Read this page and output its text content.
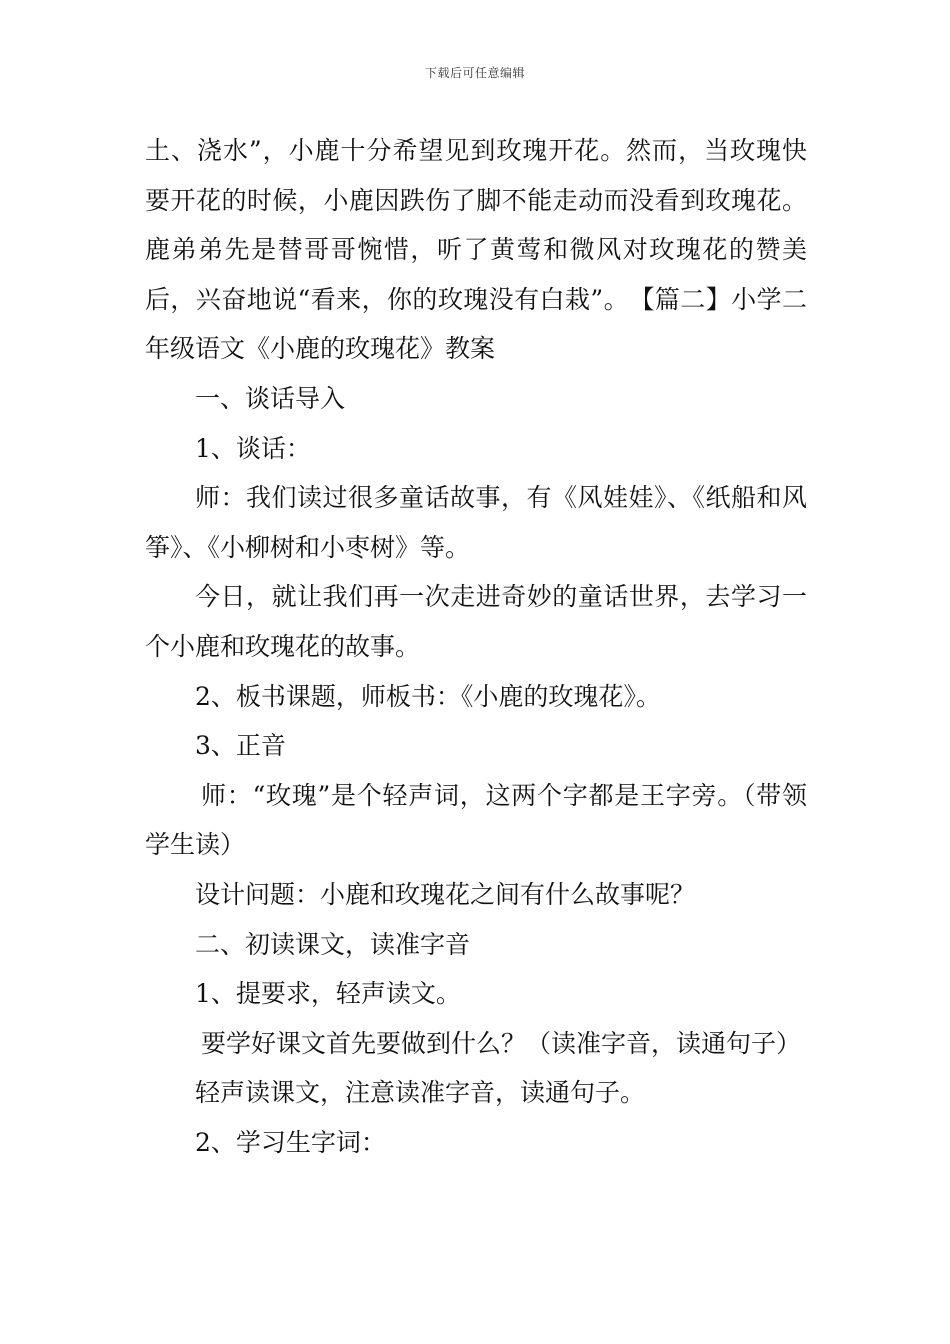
下载后可任意编辑

土、浇水”，小鹿十分希望见到玫瑰开花。然而，当玫瑰快要开花的时候，小鹿因跌伤了脚不能走动而没看到玫瑰花。鹿弟弟先是替哥哥惋惜，听了黄莺和微风对玫瑰花的赞美后，兴奋地说“看来，你的玫瑰没有白栽”。　【篇二】小学二年级语文《小鹿的玫瑰花》教案

一、谈话导入

1、谈话：

师：我们读过很多童话故事，有《风娃娃》、《纸船和风筝》、《小柳树和小枣树》等。

今日，就让我们再一次走进奇妙的童话世界，去学习一个小鹿和玫瑰花的故事。

2、板书课题，师板书：《小鹿的玫瑰花》。

3、正音

师：“玫瑰”是个轻声词，这两个字都是王字旁。（带领学生读）

设计问题：小鹿和玫瑰花之间有什么故事呢？

二、初读课文，读准字音

1、提要求，轻声读文。

要学好课文首先要做到什么？（读准字音，读通句子）

轻声读课文，注意读准字音，读通句子。

2、学习生字词：
